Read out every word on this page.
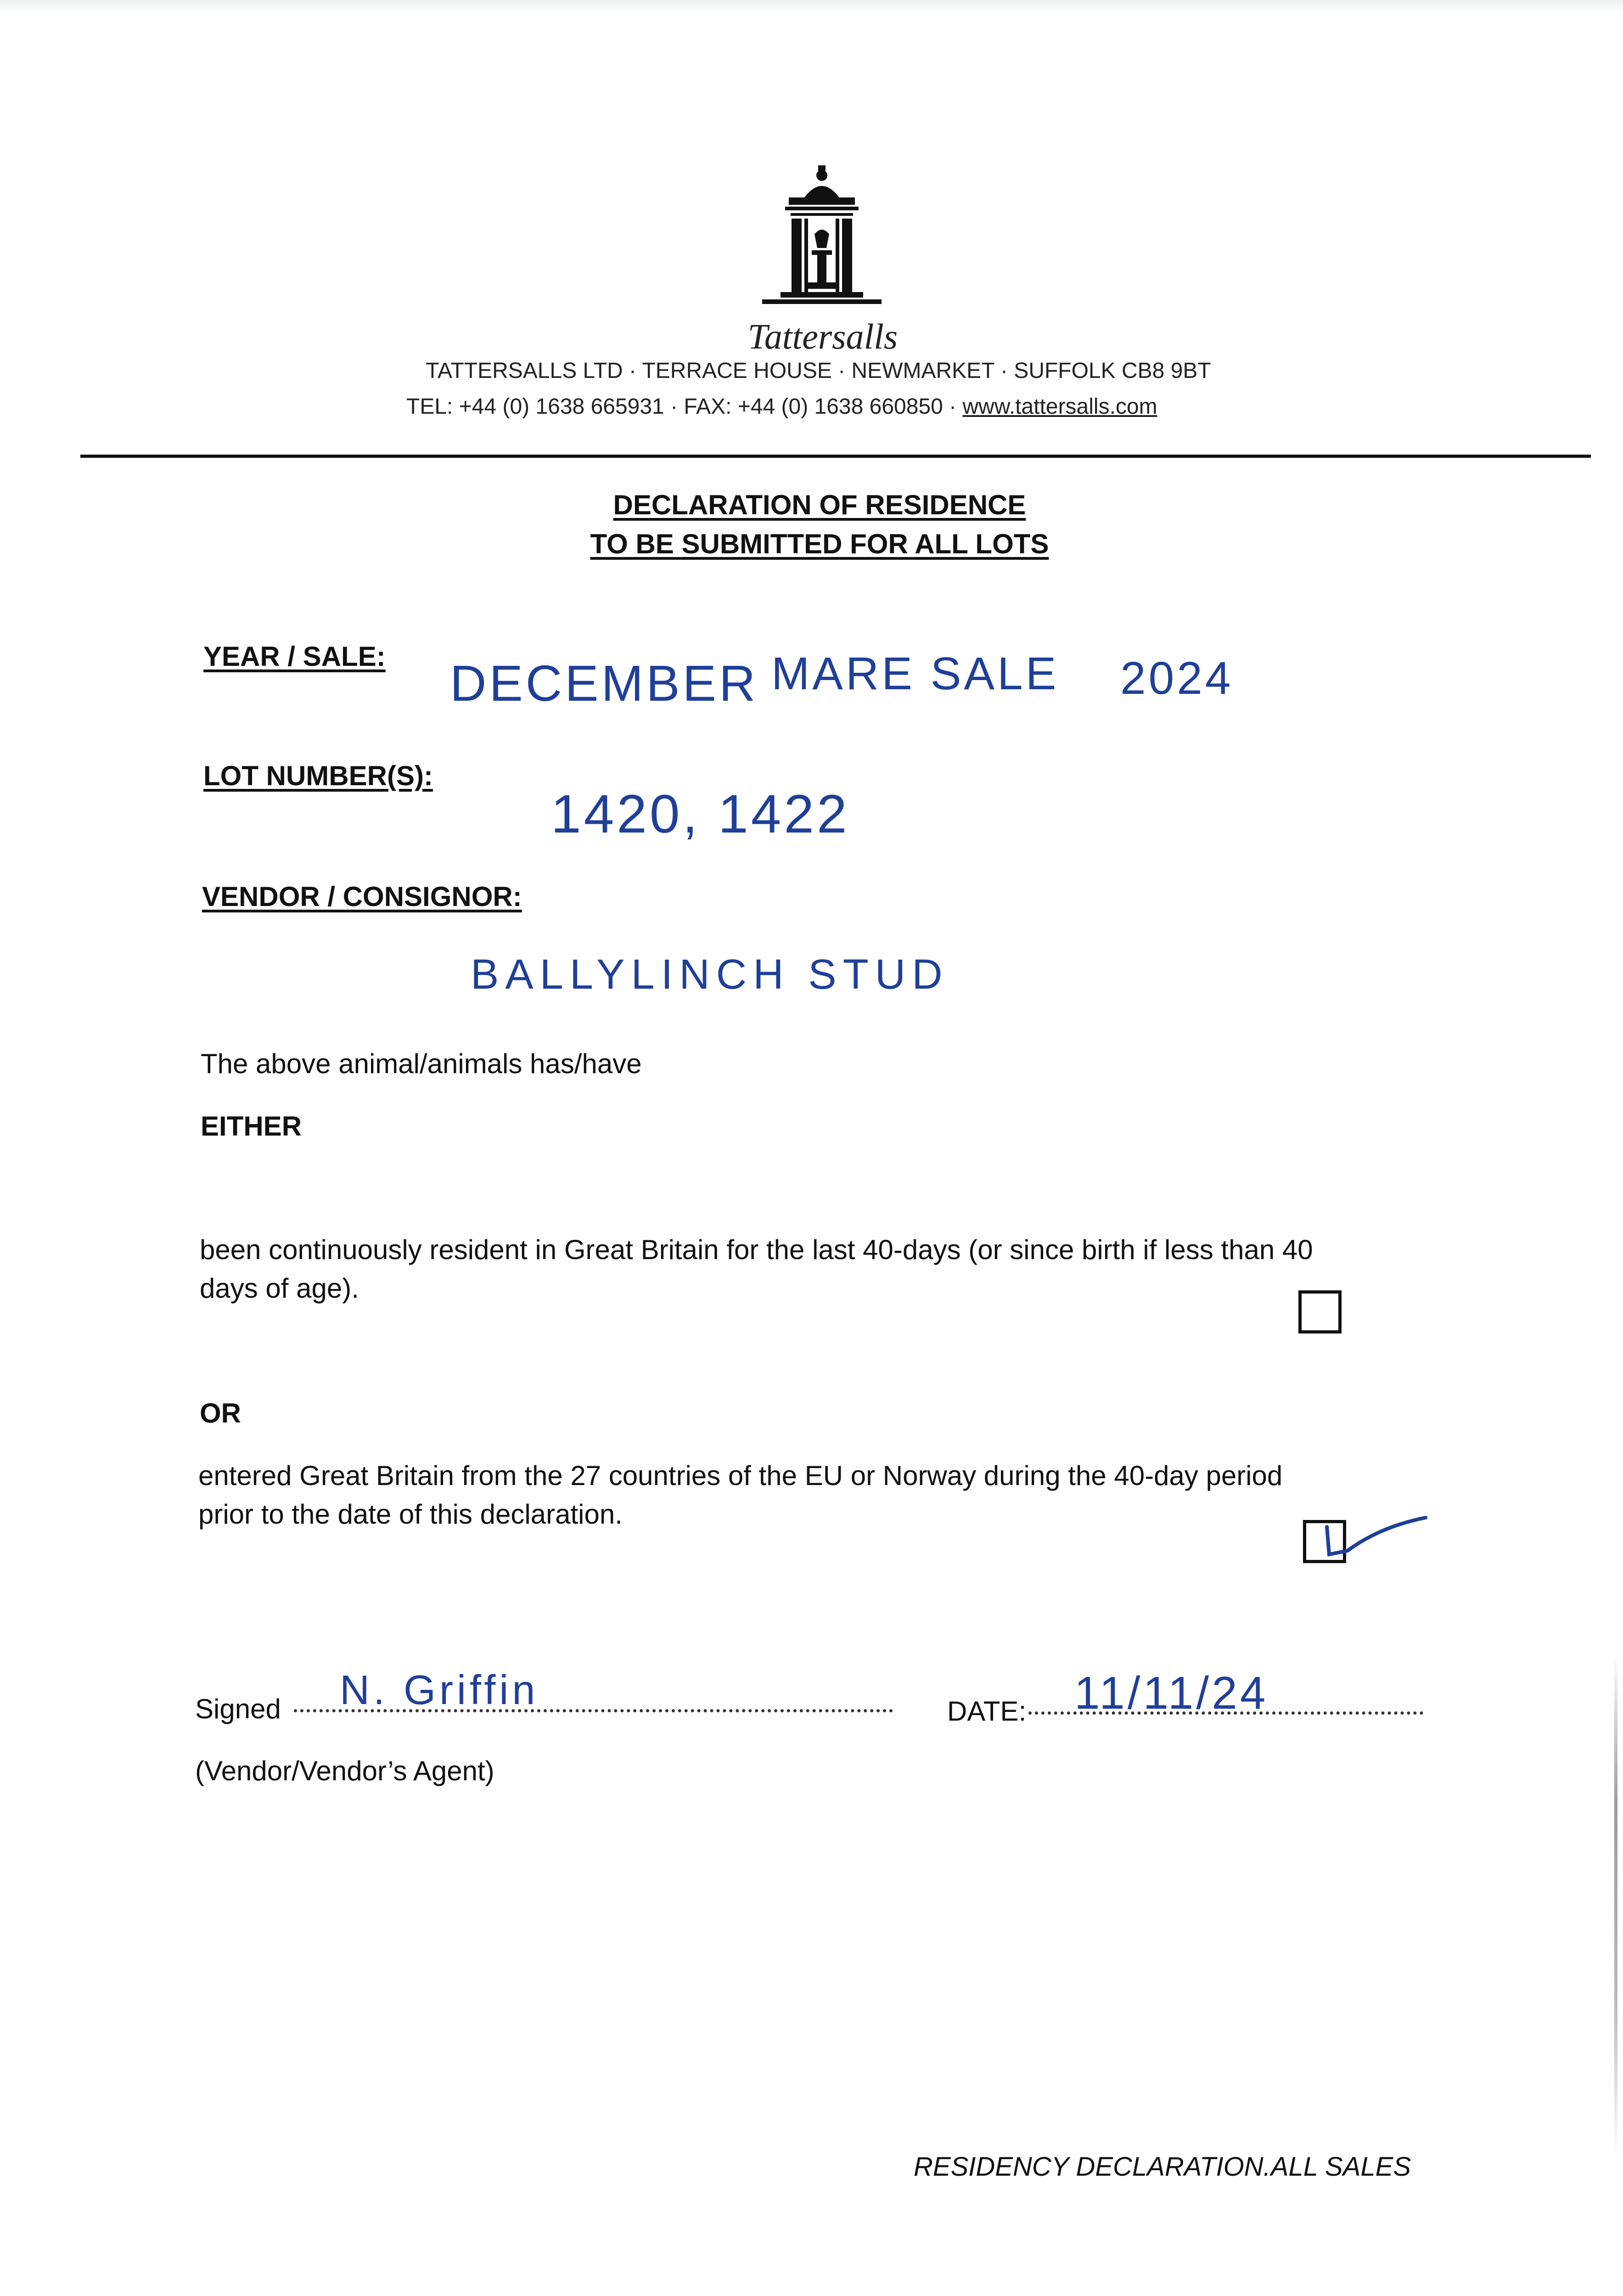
Tattersalls
TATTERSALLS LTD · TERRACE HOUSE · NEWMARKET · SUFFOLK CB8 9BT
TEL: +44 (0) 1638 665931 · FAX: +44 (0) 1638 660850 · www.tattersalls.com
DECLARATION OF RESIDENCE
TO BE SUBMITTED FOR ALL LOTS
YEAR / SALE: DECEMBER MARE SALE 2024
LOT NUMBER(S):
1420, 1422
VENDOR / CONSIGNOR:
BALLYLINCH STUD
The above animal/animals has/have
EITHER
been continuously resident in Great Britain for the last 40-days (or since birth if less than 40
days of age).
OR
entered Great Britain from the 27 countries of the EU or Norway during the 40-day period
prior to the date of this declaration.
Signed N. Griffin	DATE: 11/11/24
(Vendor/Vendor’s Agent)
RESIDENCY DECLARATION.ALL SALES
